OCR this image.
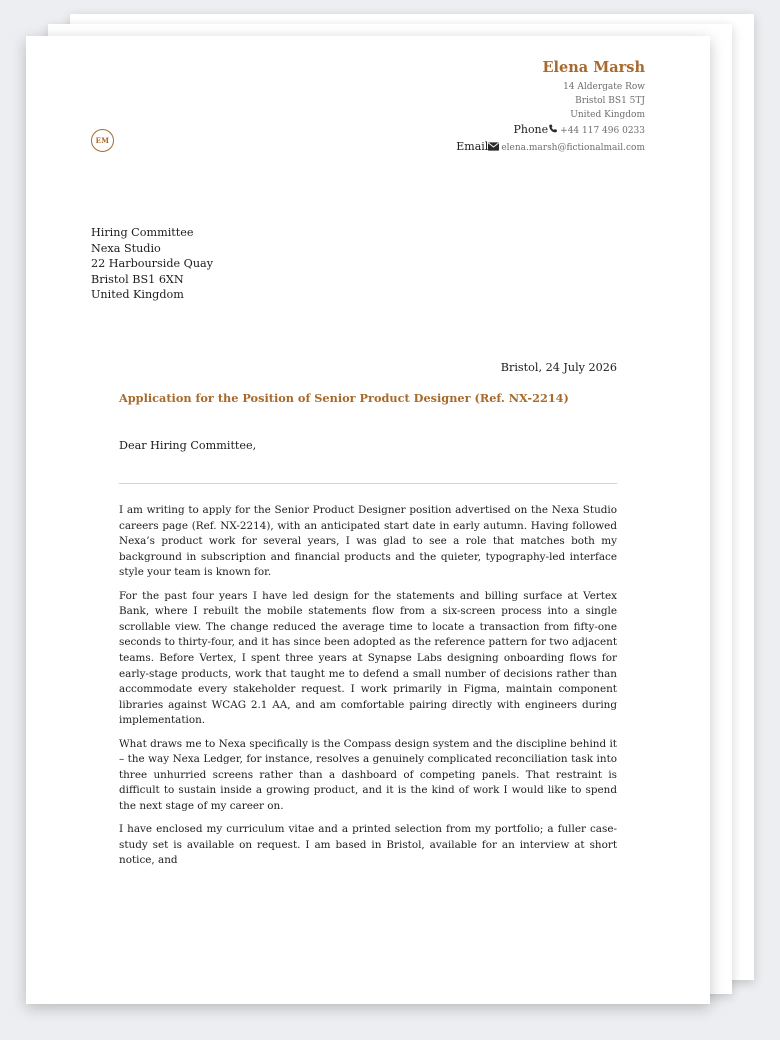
Elena Marsh
14 Aldergate Row
Bristol BS1 5TJ
United Kingdom
Phone +44 117 496 0233
Email elena.marsh@fictionalmail.com
EM
Hiring Committee
Nexa Studio
22 Harbourside Quay
Bristol BS1 6XN
United Kingdom
Bristol, 24 July 2026
Application for the Position of Senior Product Designer (Ref. NX-2214)
Dear Hiring Committee,

I am writing to apply for the Senior Product Designer position advertised on the Nexa Studio careers page (Ref. NX-2214), with an anticipated start date in early autumn. Having followed Nexa’s product work for several years, I was glad to see a role that matches both my background in subscription and financial products and the quieter, typography-led interface style your team is known for.

For the past four years I have led design for the statements and billing surface at Vertex Bank, where I rebuilt the mobile statements flow from a six-screen process into a single scrollable view. The change reduced the average time to locate a transaction from fifty-one seconds to thirty-four, and it has since been adopted as the reference pattern for two adjacent teams. Before Vertex, I spent three years at Synapse Labs designing onboarding flows for early-stage products, work that taught me to defend a small number of decisions rather than accommodate every stakeholder request. I work primarily in Figma, maintain component libraries against WCAG 2.1 AA, and am comfortable pairing directly with engineers during implementation.

What draws me to Nexa specifically is the Compass design system and the discipline behind it – the way Nexa Ledger, for instance, resolves a genuinely complicated reconciliation task into three unhurried screens rather than a dashboard of competing panels. That restraint is difficult to sustain inside a growing product, and it is the kind of work I would like to spend the next stage of my career on.

I have enclosed my curriculum vitae and a printed selection from my portfolio; a fuller case-study set is available on request. I am based in Bristol, available for an interview at short notice, and
